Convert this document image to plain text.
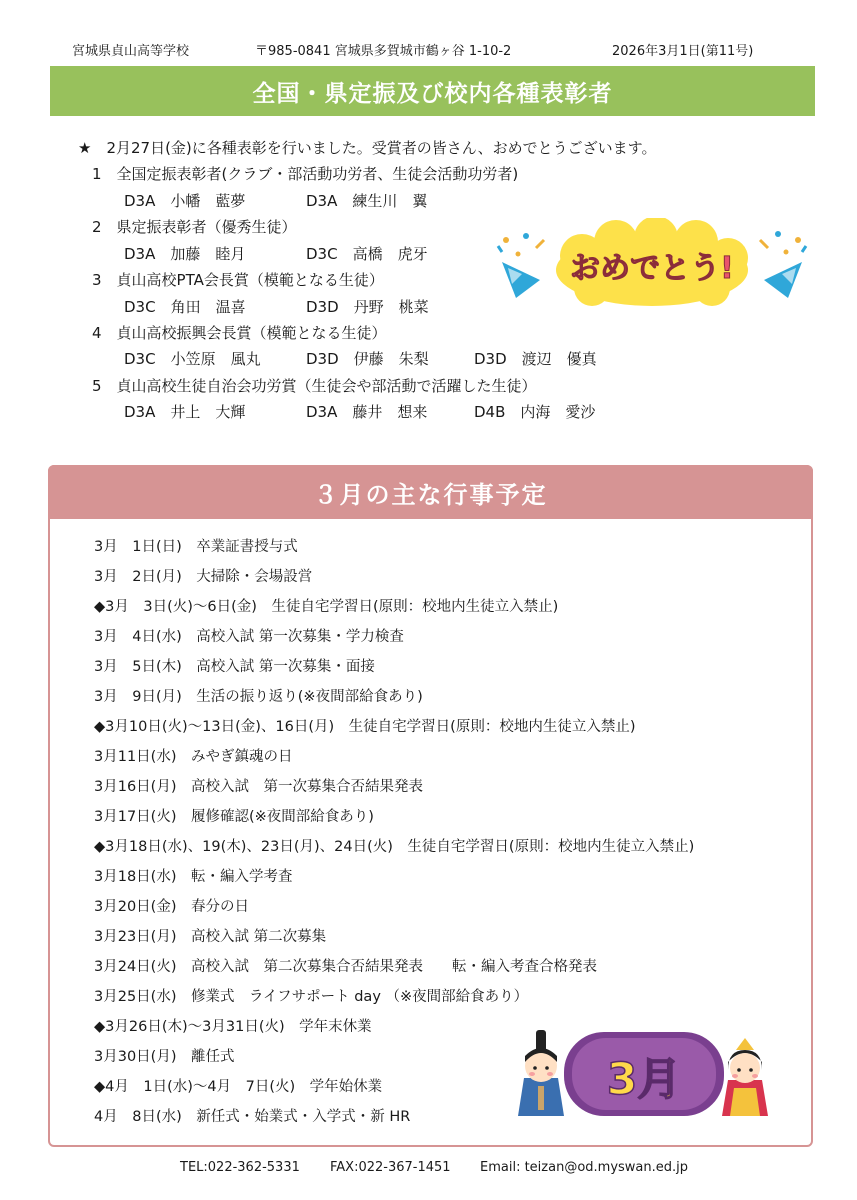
宮城県貞山高等学校	〒985-0841 宮城県多賀城市鶴ヶ谷 1-10-2	2026年3月1日(第11号)
全国・県定振及び校内各種表彰者
★　2月27日(金)に各種表彰を行いました。受賞者の皆さん、おめでとうございます。
1　全国定振表彰者(クラブ・部活動功労者、生徒会活動功労者)
D3A　小幡　藍夢	D3A　練生川　翼
2　県定振表彰者（優秀生徒）
D3A　加藤　睦月	D3C　高橋　虎牙
3　貞山高校PTA会長賞（模範となる生徒）
D3C　角田　温喜	D3D　丹野　桃菜
4　貞山高校振興会長賞（模範となる生徒）
D3C　小笠原　風丸	D3D　伊藤　朱梨	D3D　渡辺　優真
5　貞山高校生徒自治会功労賞（生徒会や部活動で活躍した生徒）
D3A　井上　大輝	D3A　藤井　想来	D4B　内海　愛沙
おめでとう!
３月の主な行事予定
3月　1日(日)　卒業証書授与式
3月　2日(月)　大掃除・会場設営
◆3月　3日(火)～6日(金)　生徒自宅学習日(原則：校地内生徒立入禁止)
3月　4日(水)　高校入試 第一次募集・学力検査
3月　5日(木)　高校入試 第一次募集・面接
3月　9日(月)　生活の振り返り(※夜間部給食あり)
◆3月10日(火)～13日(金)、16日(月)　生徒自宅学習日(原則：校地内生徒立入禁止)
3月11日(水)　みやぎ鎮魂の日
3月16日(月)　高校入試　第一次募集合否結果発表
3月17日(火)　履修確認(※夜間部給食あり)
◆3月18日(水)、19(木)、23日(月)、24日(火)　生徒自宅学習日(原則：校地内生徒立入禁止)
3月18日(水)　転・編入学考査
3月20日(金)　春分の日
3月23日(月)　高校入試 第二次募集
3月24日(火)　高校入試　第二次募集合否結果発表　　転・編入考査合格発表
3月25日(水)　修業式　ライフサポート day （※夜間部給食あり）
◆3月26日(木)～3月31日(火)　学年末休業
3月30日(月)　離任式
◆4月　1日(水)～4月　7日(火)　学年始休業
4月　8日(水)　新任式・始業式・入学式・新 HR
3月
TEL:022-362-5331 FAX:022-367-1451 Email: teizan@od.myswan.ed.jp
